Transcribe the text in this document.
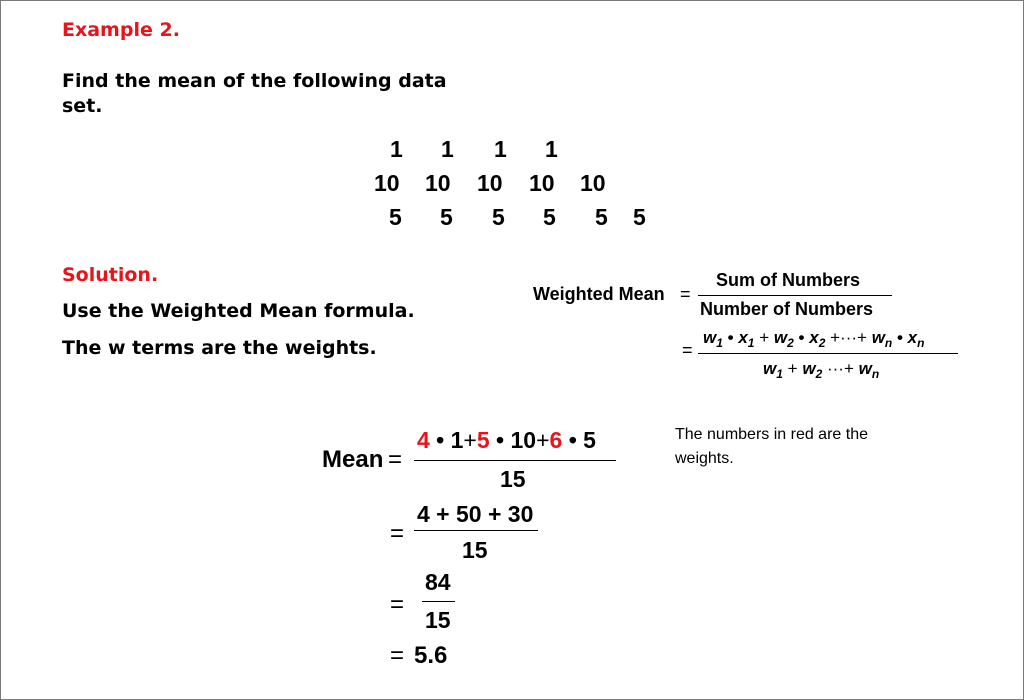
Example 2.
Find the mean of the following data
set.
1 1 1 1
10 10 10 10 10
5 5 5 5 5 5
Solution.
Use the Weighted Mean formula.
The w terms are the weights.
Weighted Mean =
Sum of Numbers
Number of Numbers
=
$w_1$ • $x_1 + w_2$ • $x_2$ +···+ $w_n$ • $x_n$
$w_1 + w_2$ ···+ $w_n$
The numbers in red are the
weights.
Mean =
4 • 1+5 • 10+6 • 5
15
=
4 + 50 + 30
15
=
84
15
= 5.6
